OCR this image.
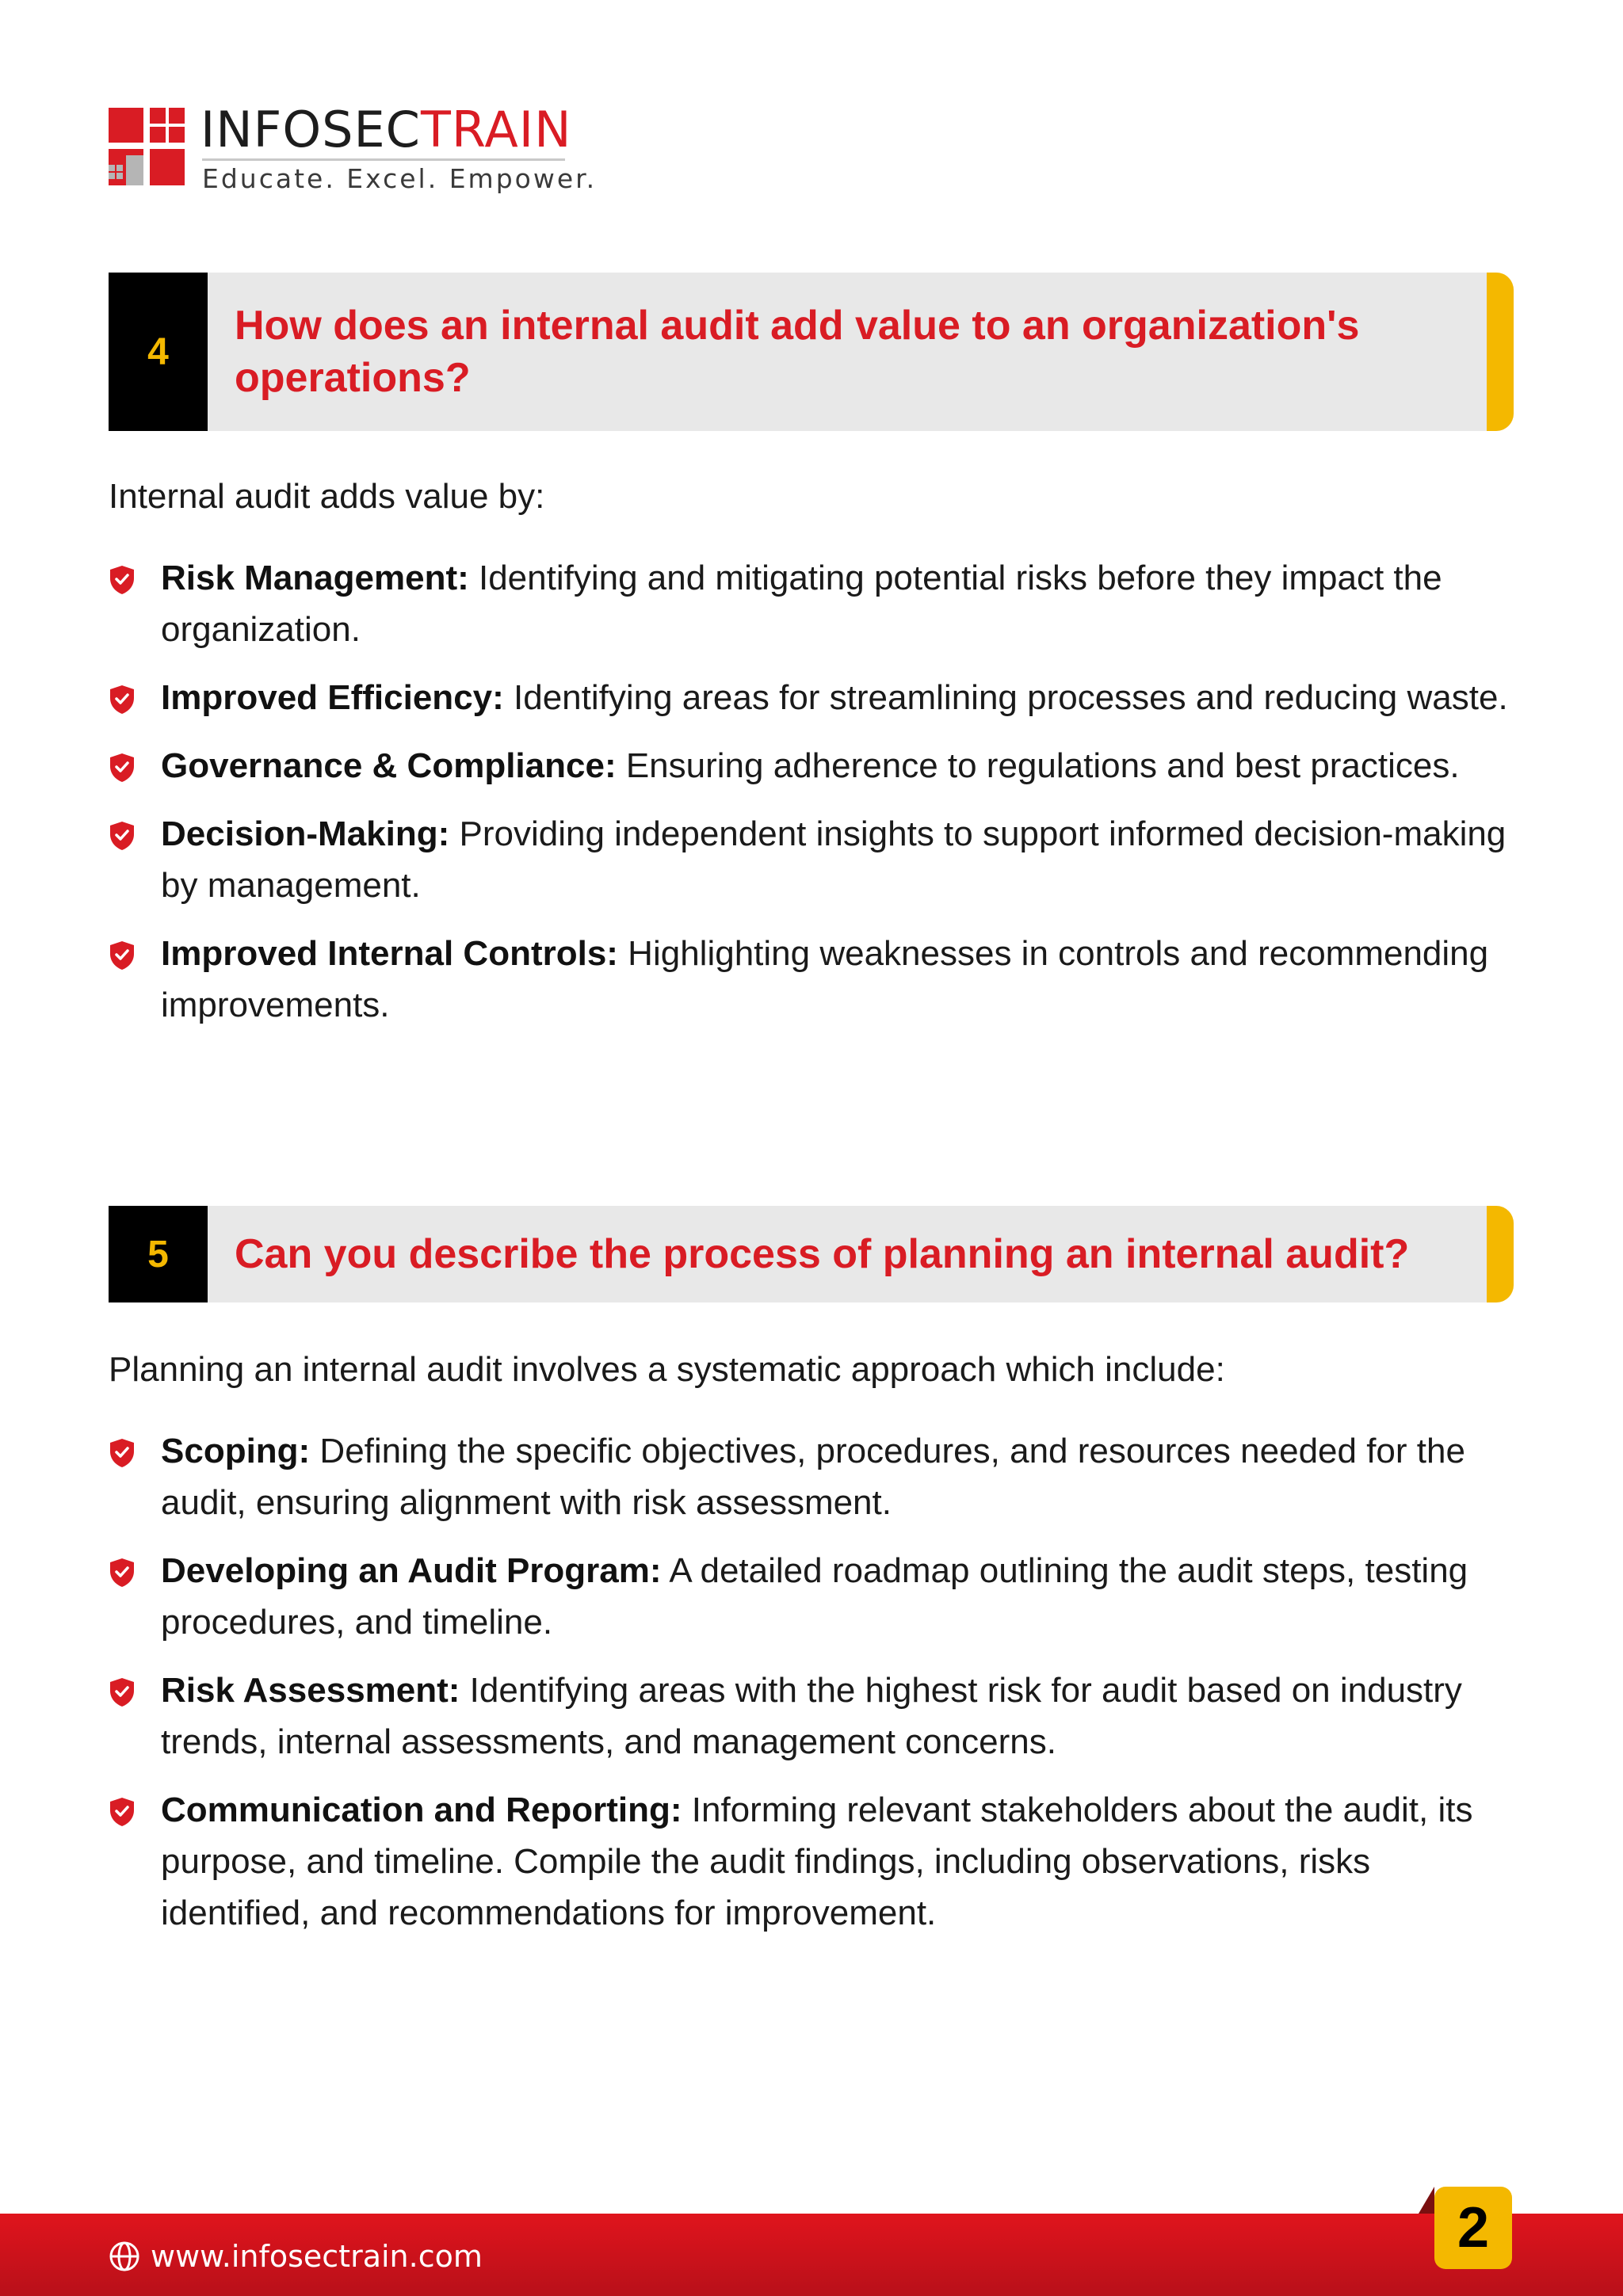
INFOSECTRAIN
Educate. Excel. Empower.
4
How does an internal audit add value to an organization's operations?
Internal audit adds value by:
Risk Management: Identifying and mitigating potential risks before they impact the organization.
Improved Efficiency: Identifying areas for streamlining processes and reducing waste.
Governance & Compliance: Ensuring adherence to regulations and best practices.
Decision-Making: Providing independent insights to support informed decision-making by management.
Improved Internal Controls: Highlighting weaknesses in controls and recommending improvements.
5	Can you describe the process of planning an internal audit?
Planning an internal audit involves a systematic approach which include:
Scoping: Defining the specific objectives, procedures, and resources needed for the audit, ensuring alignment with risk assessment.
Developing an Audit Program: A detailed roadmap outlining the audit steps, testing procedures, and timeline.
Risk Assessment: Identifying areas with the highest risk for audit based on industry trends, internal assessments, and management concerns.
Communication and Reporting: Informing relevant stakeholders about the audit, its purpose, and timeline. Compile the audit findings, including observations, risks identified, and recommendations for improvement.
www.infosectrain.com	2
